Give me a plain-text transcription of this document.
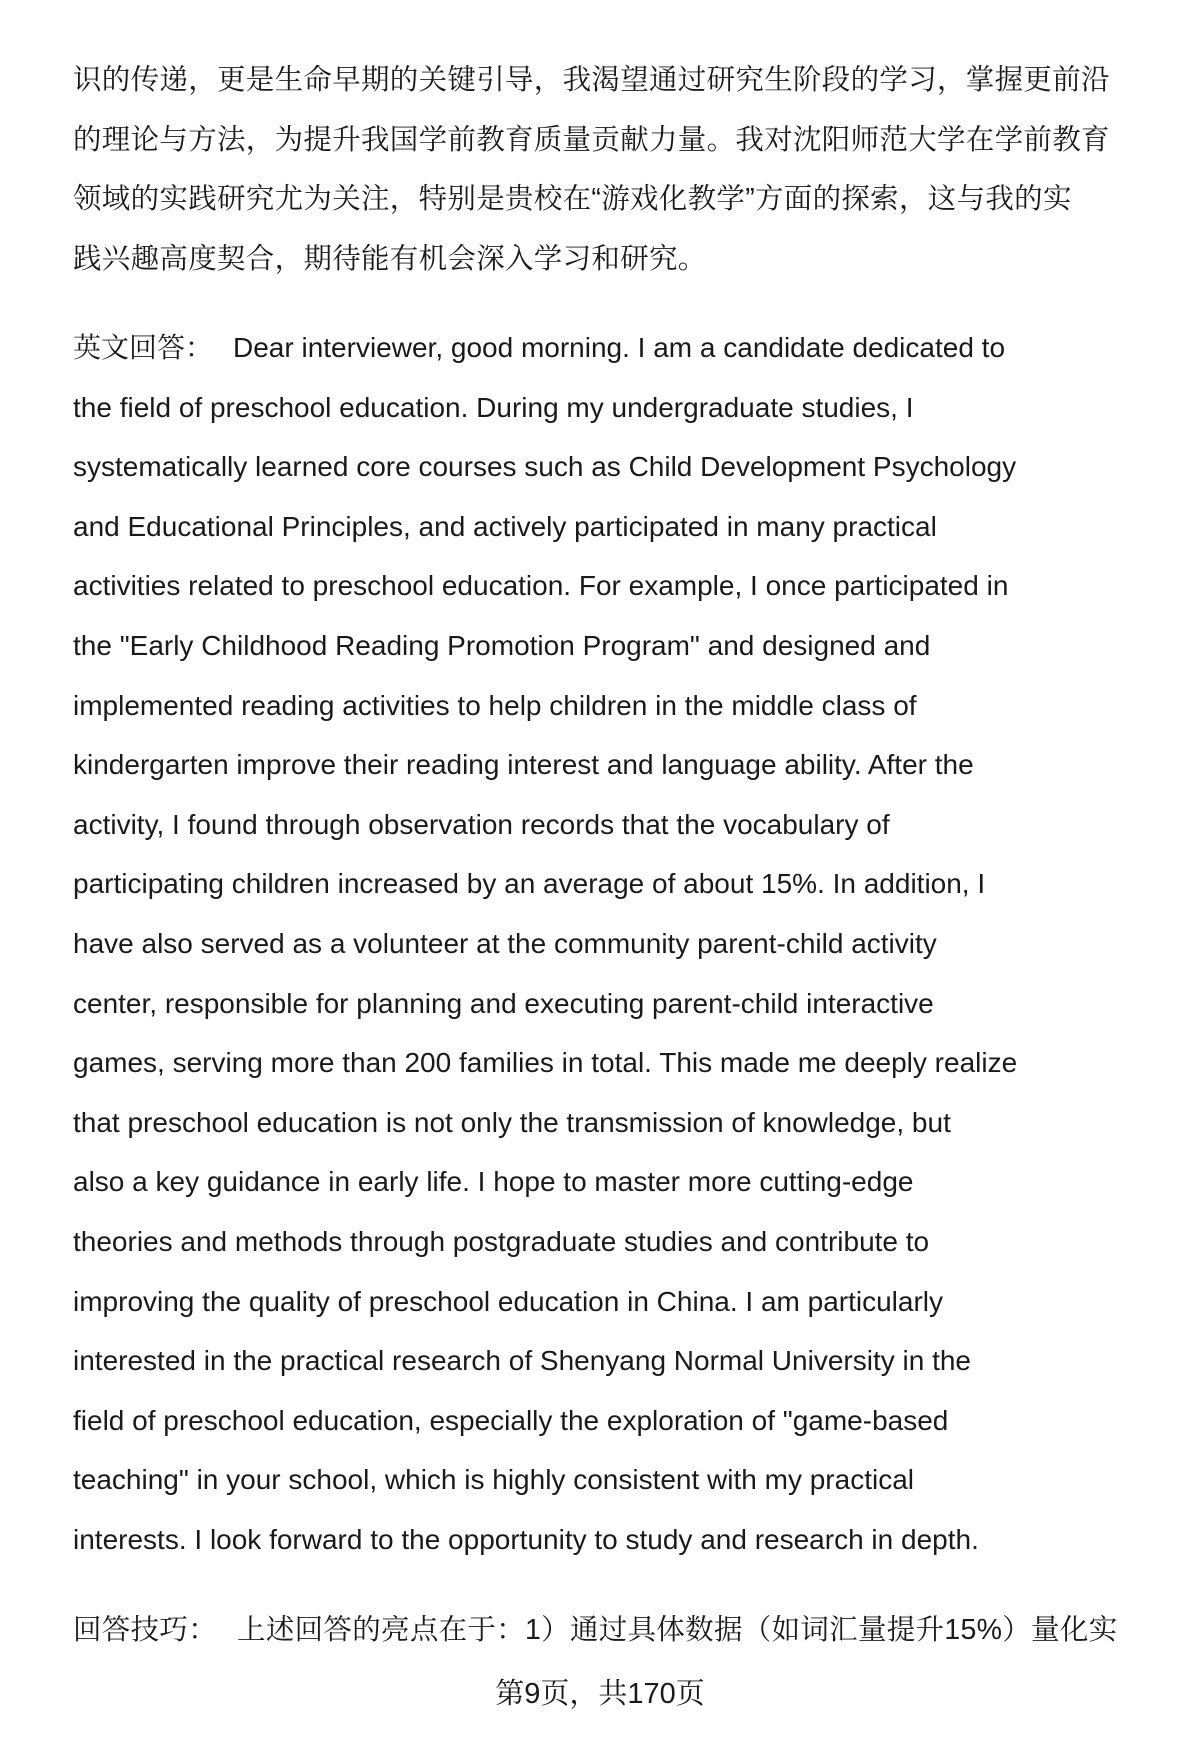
识的传递，更是生命早期的关键引导，我渴望通过研究生阶段的学习，掌握更前沿
的理论与方法，为提升我国学前教育质量贡献力量。我对沈阳师范大学在学前教育
领域的实践研究尤为关注，特别是贵校在“游戏化教学”方面的探索，这与我的实
践兴趣高度契合，期待能有机会深入学习和研究。
英文回答： Dear interviewer, good morning. I am a candidate dedicated to
the field of preschool education. During my undergraduate studies, I
systematically learned core courses such as Child Development Psychology
and Educational Principles, and actively participated in many practical
activities related to preschool education. For example, I once participated in
the "Early Childhood Reading Promotion Program" and designed and
implemented reading activities to help children in the middle class of
kindergarten improve their reading interest and language ability. After the
activity, I found through observation records that the vocabulary of
participating children increased by an average of about 15%. In addition, I
have also served as a volunteer at the community parent-child activity
center, responsible for planning and executing parent-child interactive
games, serving more than 200 families in total. This made me deeply realize
that preschool education is not only the transmission of knowledge, but
also a key guidance in early life. I hope to master more cutting-edge
theories and methods through postgraduate studies and contribute to
improving the quality of preschool education in China. I am particularly
interested in the practical research of Shenyang Normal University in the
field of preschool education, especially the exploration of "game-based
teaching" in your school, which is highly consistent with my practical
interests. I look forward to the opportunity to study and research in depth.
回答技巧： 上述回答的亮点在于：1）通过具体数据（如词汇量提升15%）量化实
第9页，共170页
